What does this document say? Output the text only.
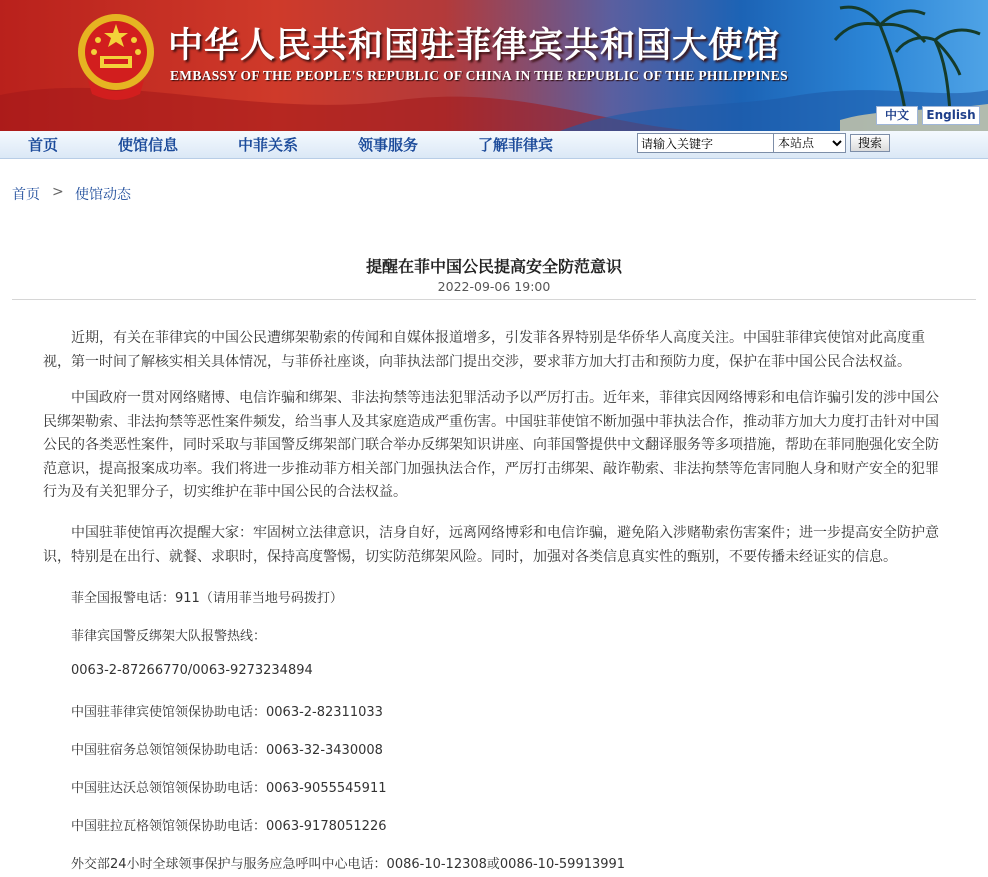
中华人民共和国驻菲律宾共和国大使馆
EMBASSY OF THE PEOPLE'S REPUBLIC OF CHINA IN THE REPUBLIC OF THE PHILIPPINES
中文	English
首页	使馆信息	中菲关系	领事服务	了解菲律宾
请输入关键字
本站点	搜索
首页 > 使馆动态
提醒在菲中国公民提高安全防范意识
2022-09-06 19:00
近期，有关在菲律宾的中国公民遭绑架勒索的传闻和自媒体报道增多，引发菲各界特别是华侨华人高度关注。中国驻菲律宾使馆对此高度重视，第一时间了解核实相关具体情况，与菲侨社座谈，向菲执法部门提出交涉，要求菲方加大打击和预防力度，保护在菲中国公民合法权益。
中国政府一贯对网络赌博、电信诈骗和绑架、非法拘禁等违法犯罪活动予以严厉打击。近年来，菲律宾因网络博彩和电信诈骗引发的涉中国公民绑架勒索、非法拘禁等恶性案件频发，给当事人及其家庭造成严重伤害。中国驻菲使馆不断加强中菲执法合作，推动菲方加大力度打击针对中国公民的各类恶性案件，同时采取与菲国警反绑架部门联合举办反绑架知识讲座、向菲国警提供中文翻译服务等多项措施，帮助在菲同胞强化安全防范意识，提高报案成功率。我们将进一步推动菲方相关部门加强执法合作，严厉打击绑架、敲诈勒索、非法拘禁等危害同胞人身和财产安全的犯罪行为及有关犯罪分子，切实维护在菲中国公民的合法权益。
中国驻菲使馆再次提醒大家：牢固树立法律意识，洁身自好，远离网络博彩和电信诈骗，避免陷入涉赌勒索伤害案件；进一步提高安全防护意识，特别是在出行、就餐、求职时，保持高度警惕，切实防范绑架风险。同时，加强对各类信息真实性的甄别，不要传播未经证实的信息。
菲全国报警电话：911（请用菲当地号码拨打）
菲律宾国警反绑架大队报警热线：
0063-2-87266770/0063-9273234894
中国驻菲律宾使馆领保协助电话：0063-2-82311033
中国驻宿务总领馆领保协助电话：0063-32-3430008
中国驻达沃总领馆领保协助电话：0063-9055545911
中国驻拉瓦格领馆领保协助电话：0063-9178051226
外交部24小时全球领事保护与服务应急呼叫中心电话：0086-10-12308或0086-10-59913991
